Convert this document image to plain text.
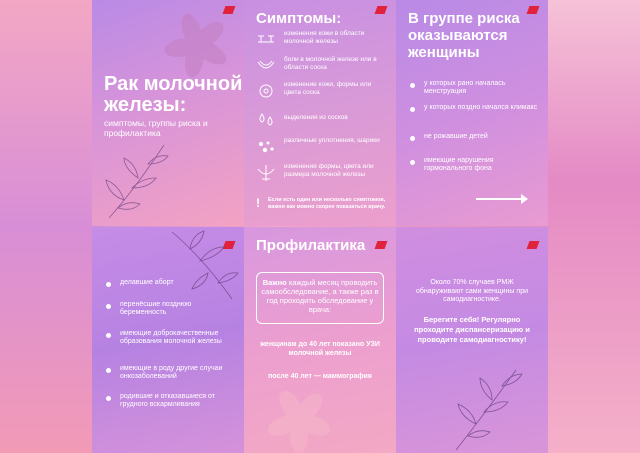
Рак молочной железы:
симптомы, группы риска и профилактика
Симптомы:
изменения кожи в области молочной железы
боли в молочной железе или в области соска
изменение кожи, формы или цвета соска
выделения из сосков
различные уплотнения, шарики
изменения формы, цвета или размера молочной железы
! Если есть один или несколько симптомов, важно как можно скорее показаться врачу.
В группе риска оказываются женщины
у которых рано началась менструация
у которых поздно начался климакс
не рожавшие детей
имеющие нарушения гормонального фона
делавшие аборт
перенёсшие позднюю беременность
имеющие доброкачественные образования молочной железы
имеющие в роду другие случаи онкозаболеваний
родившие и отказавшиеся от грудного вскармливания
Профилактика
Важно каждый месяц проводить самообследование, а также раз в год проходить обследование у врача:
женщинам до 40 лет показано УЗИ молочной железы
после 40 лет — маммография
Около 70% случаев РМЖ обнаруживают сами женщины при самодиагностике.
Берегите себя! Регулярно проходите диспансеризацию и проводите самодиагностику!
